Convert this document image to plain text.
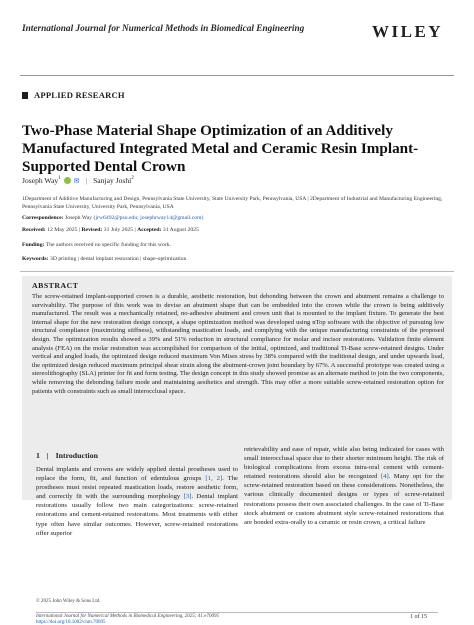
International Journal for Numerical Methods in Biomedical Engineering	WILEY
APPLIED RESEARCH
Two-Phase Material Shape Optimization of an Additively Manufactured Integrated Metal and Ceramic Resin Implant-Supported Dental Crown
Joseph Way$^1$ ✉ | Sanjay Joshi$^2$
1Department of Additive Manufacturing and Design, Pennsylvania State University, State University Park, Pennsylvania, USA | 2Department of Industrial and Manufacturing Engineering, Pennsylvania State University, University Park, Pennsylvania, USA
Correspondence: Joseph Way (jrw6492@psu.edu; josephrway14@gmail.com)
Received: 12 May 2025 | Revised: 31 July 2025 | Accepted: 31 August 2025
Funding: The authors received no specific funding for this work.
Keywords: 3D printing | dental implant restoration | shape-optimization
ABSTRACT
The screw-retained implant-supported crown is a durable, aesthetic restoration, but debonding between the crown and abutment remains a challenge to survivability. The purpose of this work was to devise an abutment shape that can be embedded into the crown while the crown is being additively manufactured. The result was a mechanically retained, no-adhesive abutment and crown unit that is mounted to the implant fixture. To generate the best internal shape for the new restoration design concept, a shape optimization method was developed using nTop software with the objective of pursuing low structural compliance (maximizing stiffness), withstanding mastication loads, and complying with the unique manufacturing constraints of the proposed design. The optimization results showed a 39% and 51% reduction in structural compliance for molar and incisor restorations. Validation finite element analysis (FEA) on the molar restoration was accomplished for comparison of the initial, optimized, and traditional Ti-Base screw-retained designs. Under vertical and angled loads, the optimized design reduced maximum Von Mises stress by 38% compared with the traditional design, and under upwards load, the optimized design reduced maximum principal shear strain along the abutment-crown joint boundary by 67%. A successful prototype was created using a stereolithography (SLA) printer for fit and form testing. The design concept in this study showed promise as an alternate method to join the two components, while removing the debonding failure mode and maintaining aesthetics and strength. This may offer a more suitable screw-retained restoration option for patients with constraints such as small interocclusal space.
1 | Introduction
Dental implants and crowns are widely applied dental prostheses used to replace the form, fit, and function of edentulous groups [1, 2]. The prostheses must resist repeated mastication loads, restore aesthetic form, and correctly fit with the surrounding morphology [3]. Dental implant restorations usually follow two main categorizations: screw-retained restorations and cement-retained restorations. Most treatments with either type often have similar outcomes. However, screw-retained restorations offer superior
retrievability and ease of repair, while also being indicated for cases with small interocclusal space due to their shorter minimum height. The risk of biological complications from excess intra-oral cement with cement-retained restorations should also be recognized [4]. Many opt for the screw-retained restoration based on these considerations. Nonetheless, the various clinically documented designs or types of screw-retained restorations possess their own associated challenges. In the case of Ti-Base stock abutment or custom abutment style screw-retained restorations that are bonded extra-orally to a ceramic or resin crown, a critical failure
© 2025 John Wiley & Sons Ltd.
International Journal for Numerical Methods in Biomedical Engineering, 2025; 41:e70095
https://doi.org/10.1002/cnm.70095
1 of 15
